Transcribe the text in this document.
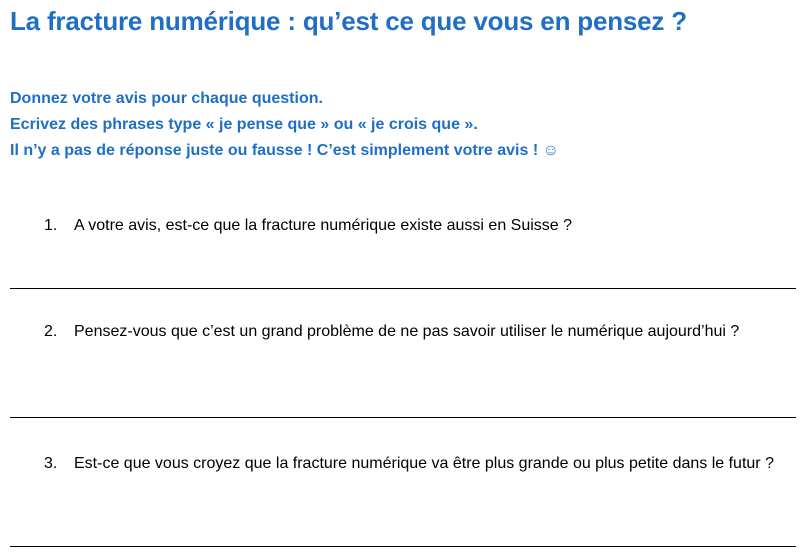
La fracture numérique : qu’est ce que vous en pensez ?
Donnez votre avis pour chaque question.
Ecrivez des phrases type « je pense que » ou « je crois que ».
Il n’y a pas de réponse juste ou fausse ! C’est simplement votre avis ! ☺
1.	A votre avis, est-ce que la fracture numérique existe aussi en Suisse ?
2.	Pensez-vous que c’est un grand problème de ne pas savoir utiliser le numérique aujourd’hui ?
3.	Est-ce que vous croyez que la fracture numérique va être plus grande ou plus petite dans le futur ?
